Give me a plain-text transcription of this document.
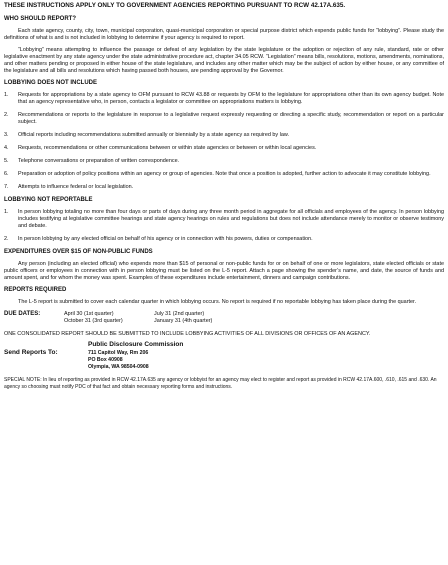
THESE INSTRUCTIONS APPLY ONLY TO GOVERNMENT AGENCIES REPORTING PURSUANT TO RCW 42.17A.635.
WHO SHOULD REPORT?

Each state agency, county, city, town, municipal corporation, quasi-municipal corporation or special purpose district which expends public funds for “lobbying”. Please study the definitions of what is and is not included in lobbying to determine if your agency is required to report.

“Lobbying” means attempting to influence the passage or defeat of any legislation by the state legislature or the adoption or rejection of any rule, standard, rate or other legislative enactment by any state agency under the state administrative procedure act, chapter 34.05 RCW. “Legislation” means bills, resolutions, motions, amendments, nominations, and other matters pending or proposed in either house of the state legislature, and includes any other matter which may be the subject of action by either house, or any committee of the legislature and all bills and resolutions which having passed both houses, are pending approval by the Governor.

LOBBYING DOES NOT INCLUDE
1. Requests for appropriations by a state agency to OFM pursuant to RCW 43.88 or requests by OFM to the legislature for appropriations other than its own agency budget. Note that an agency representative who, in person, contacts a legislator or committee on appropriations matters is lobbying.
2. Recommendations or reports to the legislature in response to a legislative request expressly requesting or directing a specific study, recommendation or report on a particular subject.
3. Official reports including recommendations submitted annually or biennially by a state agency as required by law.
4. Requests, recommendations or other communications between or within state agencies or between or within local agencies.
5. Telephone conversations or preparation of written correspondence.
6. Preparation or adoption of policy positions within an agency or group of agencies. Note that once a position is adopted, further action to advocate it may constitute lobbying.
7. Attempts to influence federal or local legislation.
LOBBYING NOT REPORTABLE
1. In person lobbying totaling no more than four days or parts of days during any three month period in aggregate for all officials and employees of the agency. In person lobbying includes testifying at legislative committee hearings and state agency hearings on rules and regulations but does not include attendance merely to monitor or observe testimony and debate.
2. In person lobbying by any elected official on behalf of his agency or in connection with his powers, duties or compensation.
EXPENDITURES OVER $15 OF NON-PUBLIC FUNDS

Any person (including an elected official) who expends more than $15 of personal or non-public funds for or on behalf of one or more legislators, state elected officials or state public officers or employees in connection with in person lobbying must be listed on the L-5 report. Attach a page showing the spender’s name, and date, the source of funds and amount spent, and for whom the money was spent. Examples of these expenditures include entertainment, dinners and campaign contributions.

REPORTS REQUIRED

The L-5 report is submitted to cover each calendar quarter in which lobbying occurs. No report is required if no reportable lobbying has taken place during the quarter.

DUE DATES:	April 30 (1st quarter)	July 31 (2nd quarter)
October 31 (3rd quarter)	January 31 (4th quarter)

ONE CONSOLIDATED REPORT SHOULD BE SUBMITTED TO INCLUDE LOBBYING ACTIVITIES OF ALL DIVISIONS OR OFFICES OF AN AGENCY.

Send Reports To:
Public Disclosure Commission
711 Capitol Way, Rm 206
PO Box 40908
Olympia, WA 98504-0908

SPECIAL NOTE: In lieu of reporting as provided in RCW 42.17A.635 any agency or lobbyist for an agency may elect to register and report as provided in RCW 42.17A.600, .610, .615 and .630. An agency so choosing must notify PDC of that fact and obtain necessary reporting forms and instructions.
